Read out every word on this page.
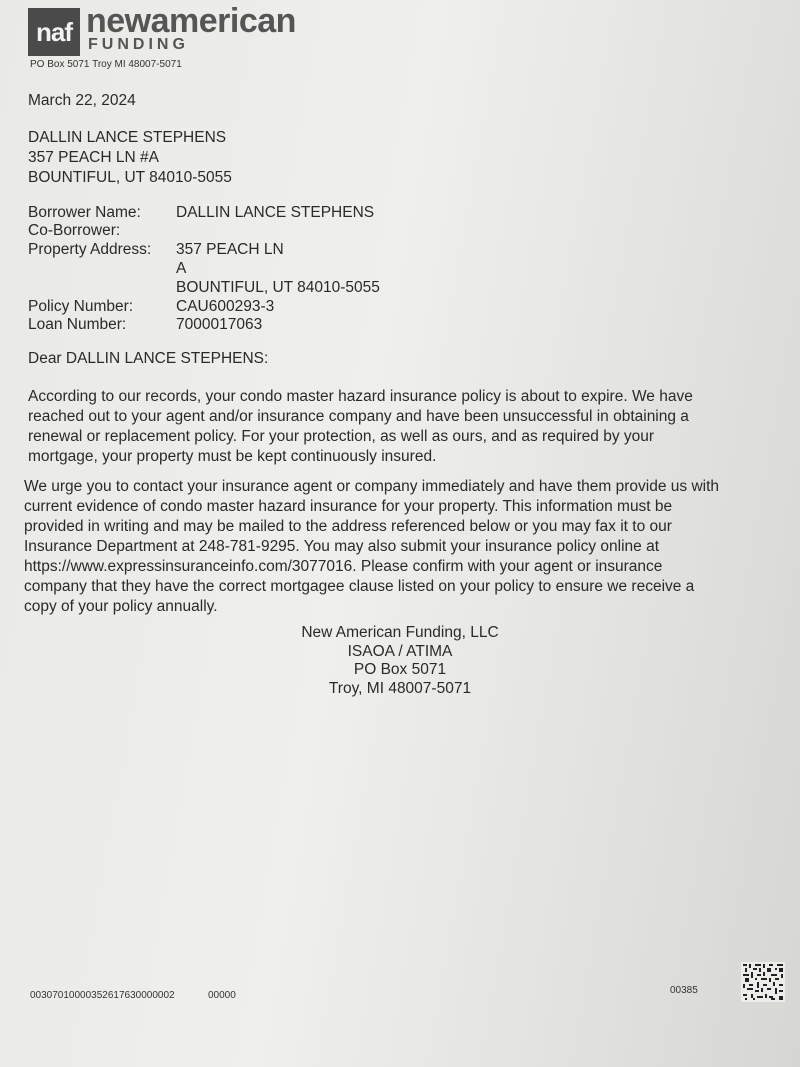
naf newamerican
FUNDING
PO Box 5071 Troy MI 48007-5071
March 22, 2024
DALLIN LANCE STEPHENS
357 PEACH LN #A
BOUNTIFUL, UT 84010-5055
Borrower Name: DALLIN LANCE STEPHENS
Co-Borrower:
Property Address: 357 PEACH LN
A
BOUNTIFUL, UT 84010-5055
Policy Number:	CAU600293-3
Loan Number:	7000017063
Dear DALLIN LANCE STEPHENS:

According to our records, your condo master hazard insurance policy is about to expire. We have

reached out to your agent and/or insurance company and have been unsuccessful in obtaining a

renewal or replacement policy. For your protection, as well as ours, and as required by your

mortgage, your property must be kept continuously insured.

We urge you to contact your insurance agent or company immediately and have them provide us with

current evidence of condo master hazard insurance for your property. This information must be

provided in writing and may be mailed to the address referenced below or you may fax it to our

Insurance Department at 248-781-9295. You may also submit your insurance policy online at

https://www.expressinsuranceinfo.com/3077016. Please confirm with your agent or insurance

company that they have the correct mortgagee clause listed on your policy to ensure we receive a

copy of your policy annually.

New American Funding, LLC
ISAOA / ATIMA
PO Box 5071
Troy, MI 48007-5071
00307010000352617630000002	00000	00385
